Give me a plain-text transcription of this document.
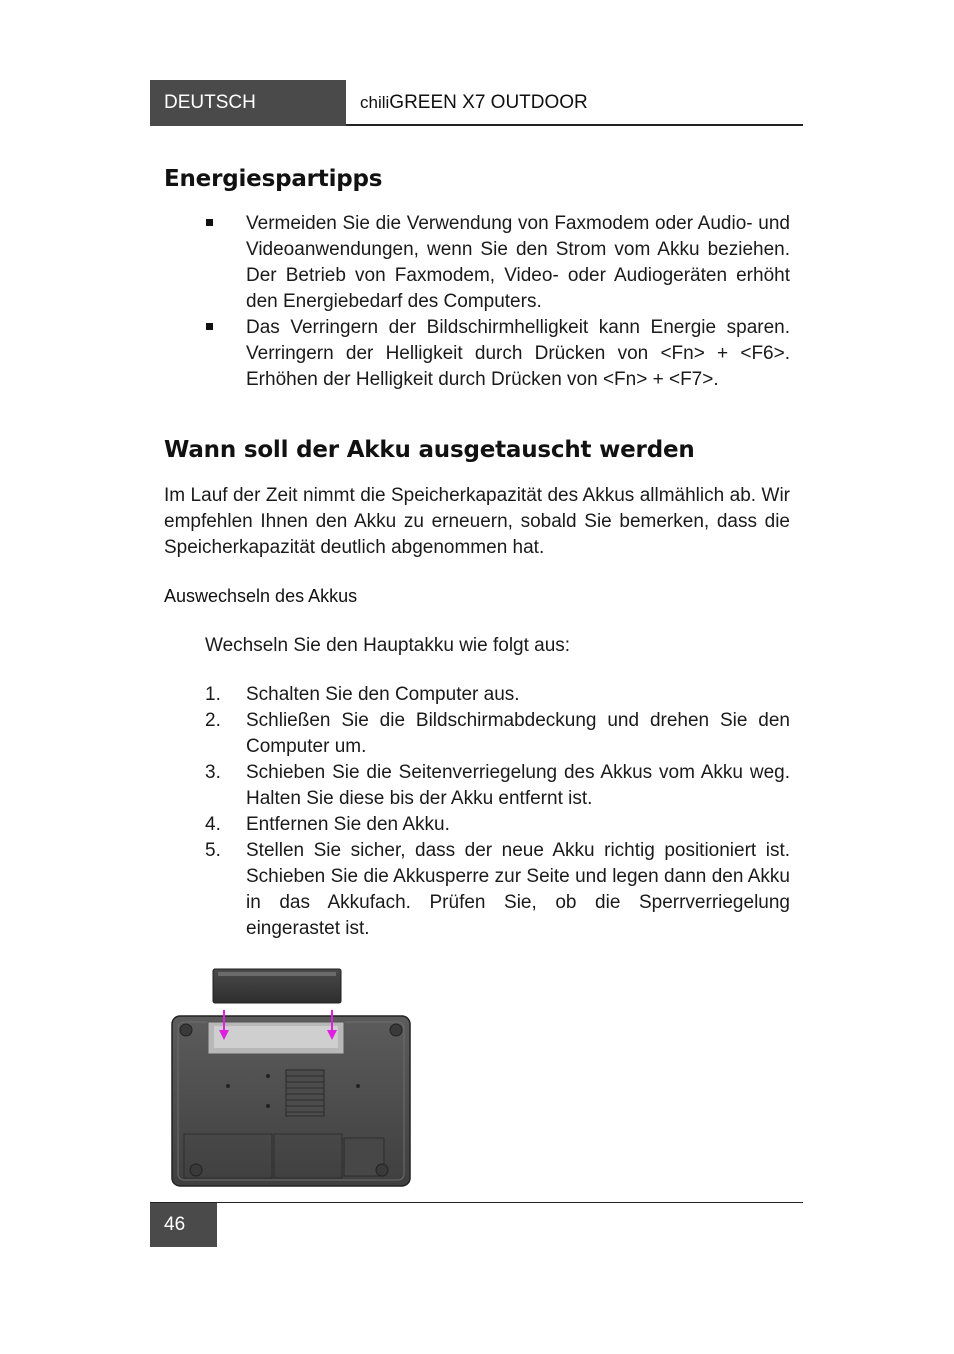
DEUTSCH	chiliGREEN X7 OUTDOOR
Energiespartipps
Vermeiden Sie die Verwendung von Faxmodem oder Audio- und Videoanwendungen, wenn Sie den Strom vom Akku beziehen. Der Betrieb von Faxmodem, Video- oder Audiogeräten erhöht den Energiebedarf des Computers.
Das Verringern der Bildschirmhelligkeit kann Energie sparen. Verringern der Helligkeit durch Drücken von <Fn> + <F6>. Erhöhen der Helligkeit durch Drücken von <Fn> + <F7>.
Wann soll der Akku ausgetauscht werden
Im Lauf der Zeit nimmt die Speicherkapazität des Akkus allmählich ab. Wir empfehlen Ihnen den Akku zu erneuern, sobald Sie bemerken, dass die Speicherkapazität deutlich abgenommen hat.
Auswechseln des Akkus
Wechseln Sie den Hauptakku wie folgt aus:
1. Schalten Sie den Computer aus.
2. Schließen Sie die Bildschirmabdeckung und drehen Sie den Computer um.
3. Schieben Sie die Seitenverriegelung des Akkus vom Akku weg. Halten Sie diese bis der Akku entfernt ist.
4. Entfernen Sie den Akku.
5. Stellen Sie sicher, dass der neue Akku richtig positioniert ist. Schieben Sie die Akkusperre zur Seite und legen dann den Akku in das Akkufach. Prüfen Sie, ob die Sperrverriegelung eingerastet ist.
46
